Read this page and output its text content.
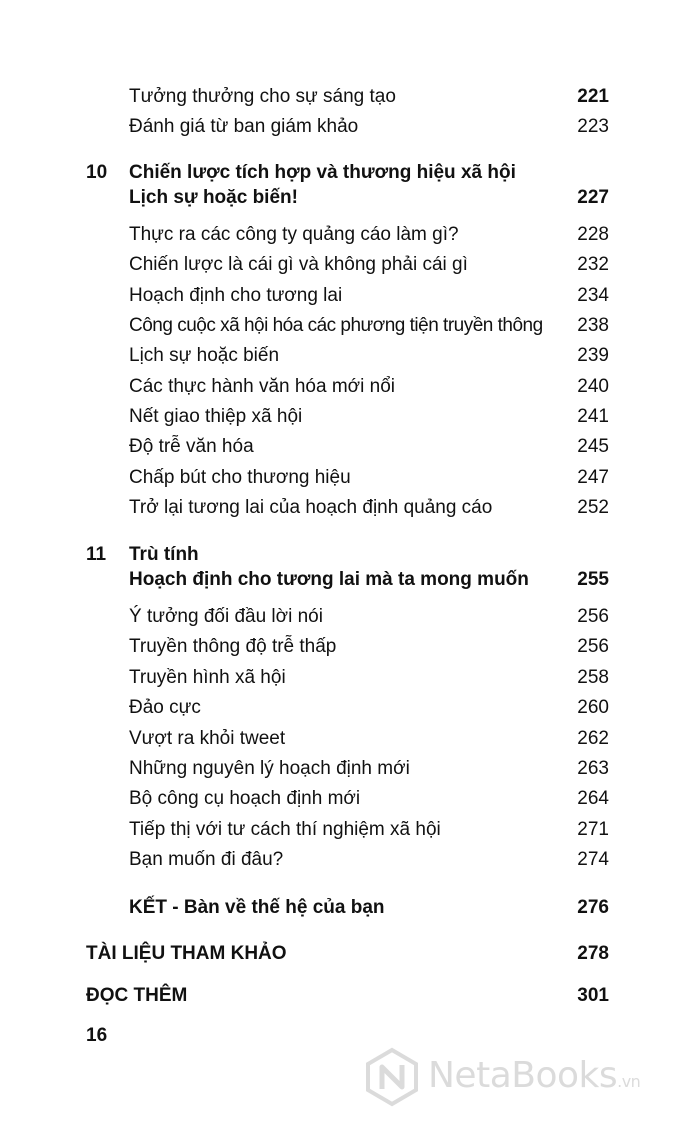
Tưởng thưởng cho sự sáng tạo	221
Đánh giá từ ban giám khảo	223
10 Chiến lược tích hợp và thương hiệu xã hội
Lịch sự hoặc biến!	227
Thực ra các công ty quảng cáo làm gì?	228
Chiến lược là cái gì và không phải cái gì	232
Hoạch định cho tương lai	234
Công cuộc xã hội hóa các phương tiện truyền thông 238
Lịch sự hoặc biến	239
Các thực hành văn hóa mới nổi	240
Nết giao thiệp xã hội	241
Độ trễ văn hóa	245
Chấp bút cho thương hiệu	247
Trở lại tương lai của hoạch định quảng cáo	252
11 Trù tính
Hoạch định cho tương lai mà ta mong muốn	255
Ý tưởng đối đầu lời nói	256
Truyền thông độ trễ thấp	256
Truyền hình xã hội	258
Đảo cực	260
Vượt ra khỏi tweet	262
Những nguyên lý hoạch định mới	263
Bộ công cụ hoạch định mới	264
Tiếp thị với tư cách thí nghiệm xã hội	271
Bạn muốn đi đâu?	274
KẾT - Bàn về thế hệ của bạn	276
TÀI LIỆU THAM KHẢO	278
ĐỌC THÊM	301
16
NetaBooks.vn
